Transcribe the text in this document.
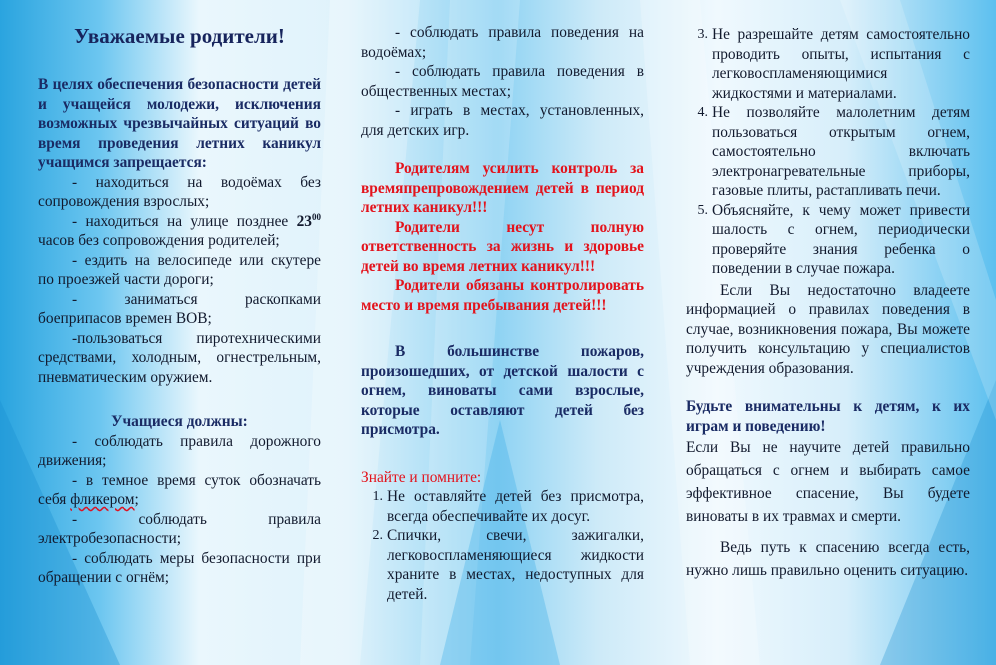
Уважаемые родители!

В целях обеспечения безопасности детей и учащейся молодежи, исключения возможных чрезвычайных ситуаций во время проведения летних каникул учащимся запрещается:

- находиться на водоёмах без сопровождения взрослых;

- находиться на улице позднее $23^{00}$ часов без сопровождения родителей;

- ездить на велосипеде или скутере по проезжей части дороги;

- заниматься раскопками боеприпасов времен ВОВ;

-пользоваться пиротехническими средствами, холодным, огнестрельным, пневматическим оружием.

Учащиеся должны:

- соблюдать правила дорожного движения;

- в темное время суток обозначать себя фликером;

- соблюдать правила электробезопасности;

- соблюдать меры безопасности при обращении с огнём;

- соблюдать правила поведения на водоёмах;

- соблюдать правила поведения в общественных местах;

- играть в местах, установленных, для детских игр.

Родителям усилить контроль за времяпрепровождением детей в период летних каникул!!!

Родители несут полную ответственность за жизнь и здоровье детей во время летних каникул!!!

Родители обязаны контролировать место и время пребывания детей!!!

В большинстве пожаров, произошедших, от детской шалости с огнем, виноваты сами взрослые, которые оставляют детей без присмотра.

Знайте и помните:

1. Не оставляйте детей без присмотра, всегда обеспечивайте их досуг.
2. Спички, свечи, зажигалки, легковоспламеняющиеся жидкости храните в местах, недоступных для детей.
3. Не разрешайте детям самостоятельно проводить опыты, испытания с легковоспламеняющимися жидкостями и материалами.
4. Не позволяйте малолетним детям пользоваться открытым огнем, самостоятельно включать электронагревательные приборы, газовые плиты, растапливать печи.
5. Объясняйте, к чему может привести шалость с огнем, периодически проверяйте знания ребенка о поведении в случае пожара.

Если Вы недостаточно владеете информацией о правилах поведения в случае, возникновения пожара, Вы можете получить консультацию у специалистов учреждения образования.

Будьте внимательны к детям, к их играм и поведению!

Если Вы не научите детей правильно обращаться с огнем и выбирать самое эффективное спасение, Вы будете виноваты в их травмах и смерти.

Ведь путь к спасению всегда есть, нужно лишь правильно оценить ситуацию.
